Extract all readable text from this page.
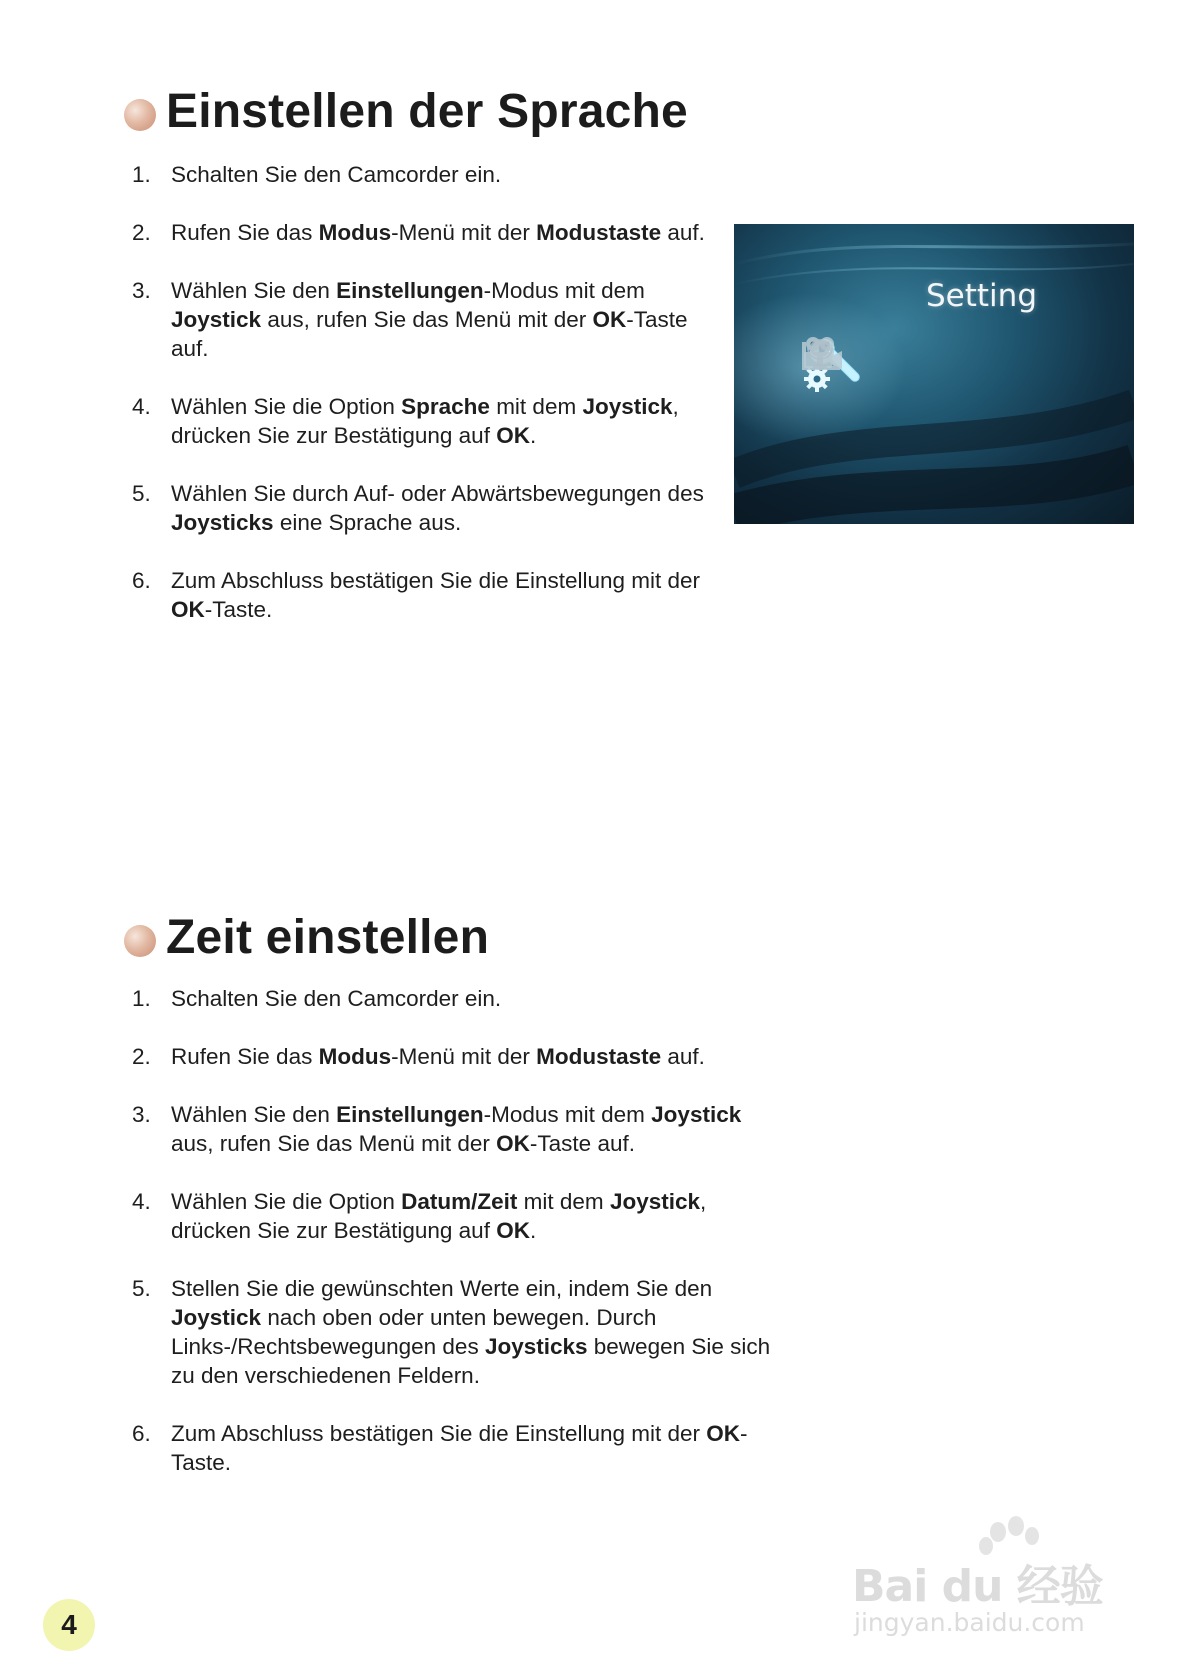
Einstellen der Sprache
1. Schalten Sie den Camcorder ein.
2. Rufen Sie das Modus-Menü mit der Modustaste auf.
3. Wählen Sie den Einstellungen-Modus mit dem Joystick aus, rufen Sie das Menü mit der OK-Taste auf.
4. Wählen Sie die Option Sprache mit dem Joystick, drücken Sie zur Bestätigung auf OK.
5. Wählen Sie durch Auf- oder Abwärtsbewegungen des Joysticks eine Sprache aus.
6. Zum Abschluss bestätigen Sie die Einstellung mit der OK-Taste.
Setting
Zeit einstellen
1. Schalten Sie den Camcorder ein.
2. Rufen Sie das Modus-Menü mit der Modustaste auf.
3. Wählen Sie den Einstellungen-Modus mit dem Joystick aus, rufen Sie das Menü mit der OK-Taste auf.
4. Wählen Sie die Option Datum/Zeit mit dem Joystick, drücken Sie zur Bestätigung auf OK.
5. Stellen Sie die gewünschten Werte ein, indem Sie den Joystick nach oben oder unten bewegen. Durch Links-/Rechtsbewegungen des Joysticks bewegen Sie sich zu den verschiedenen Feldern.
6. Zum Abschluss bestätigen Sie die Einstellung mit der OK-Taste.
4
Bai du 经验
jingyan.baidu.com
